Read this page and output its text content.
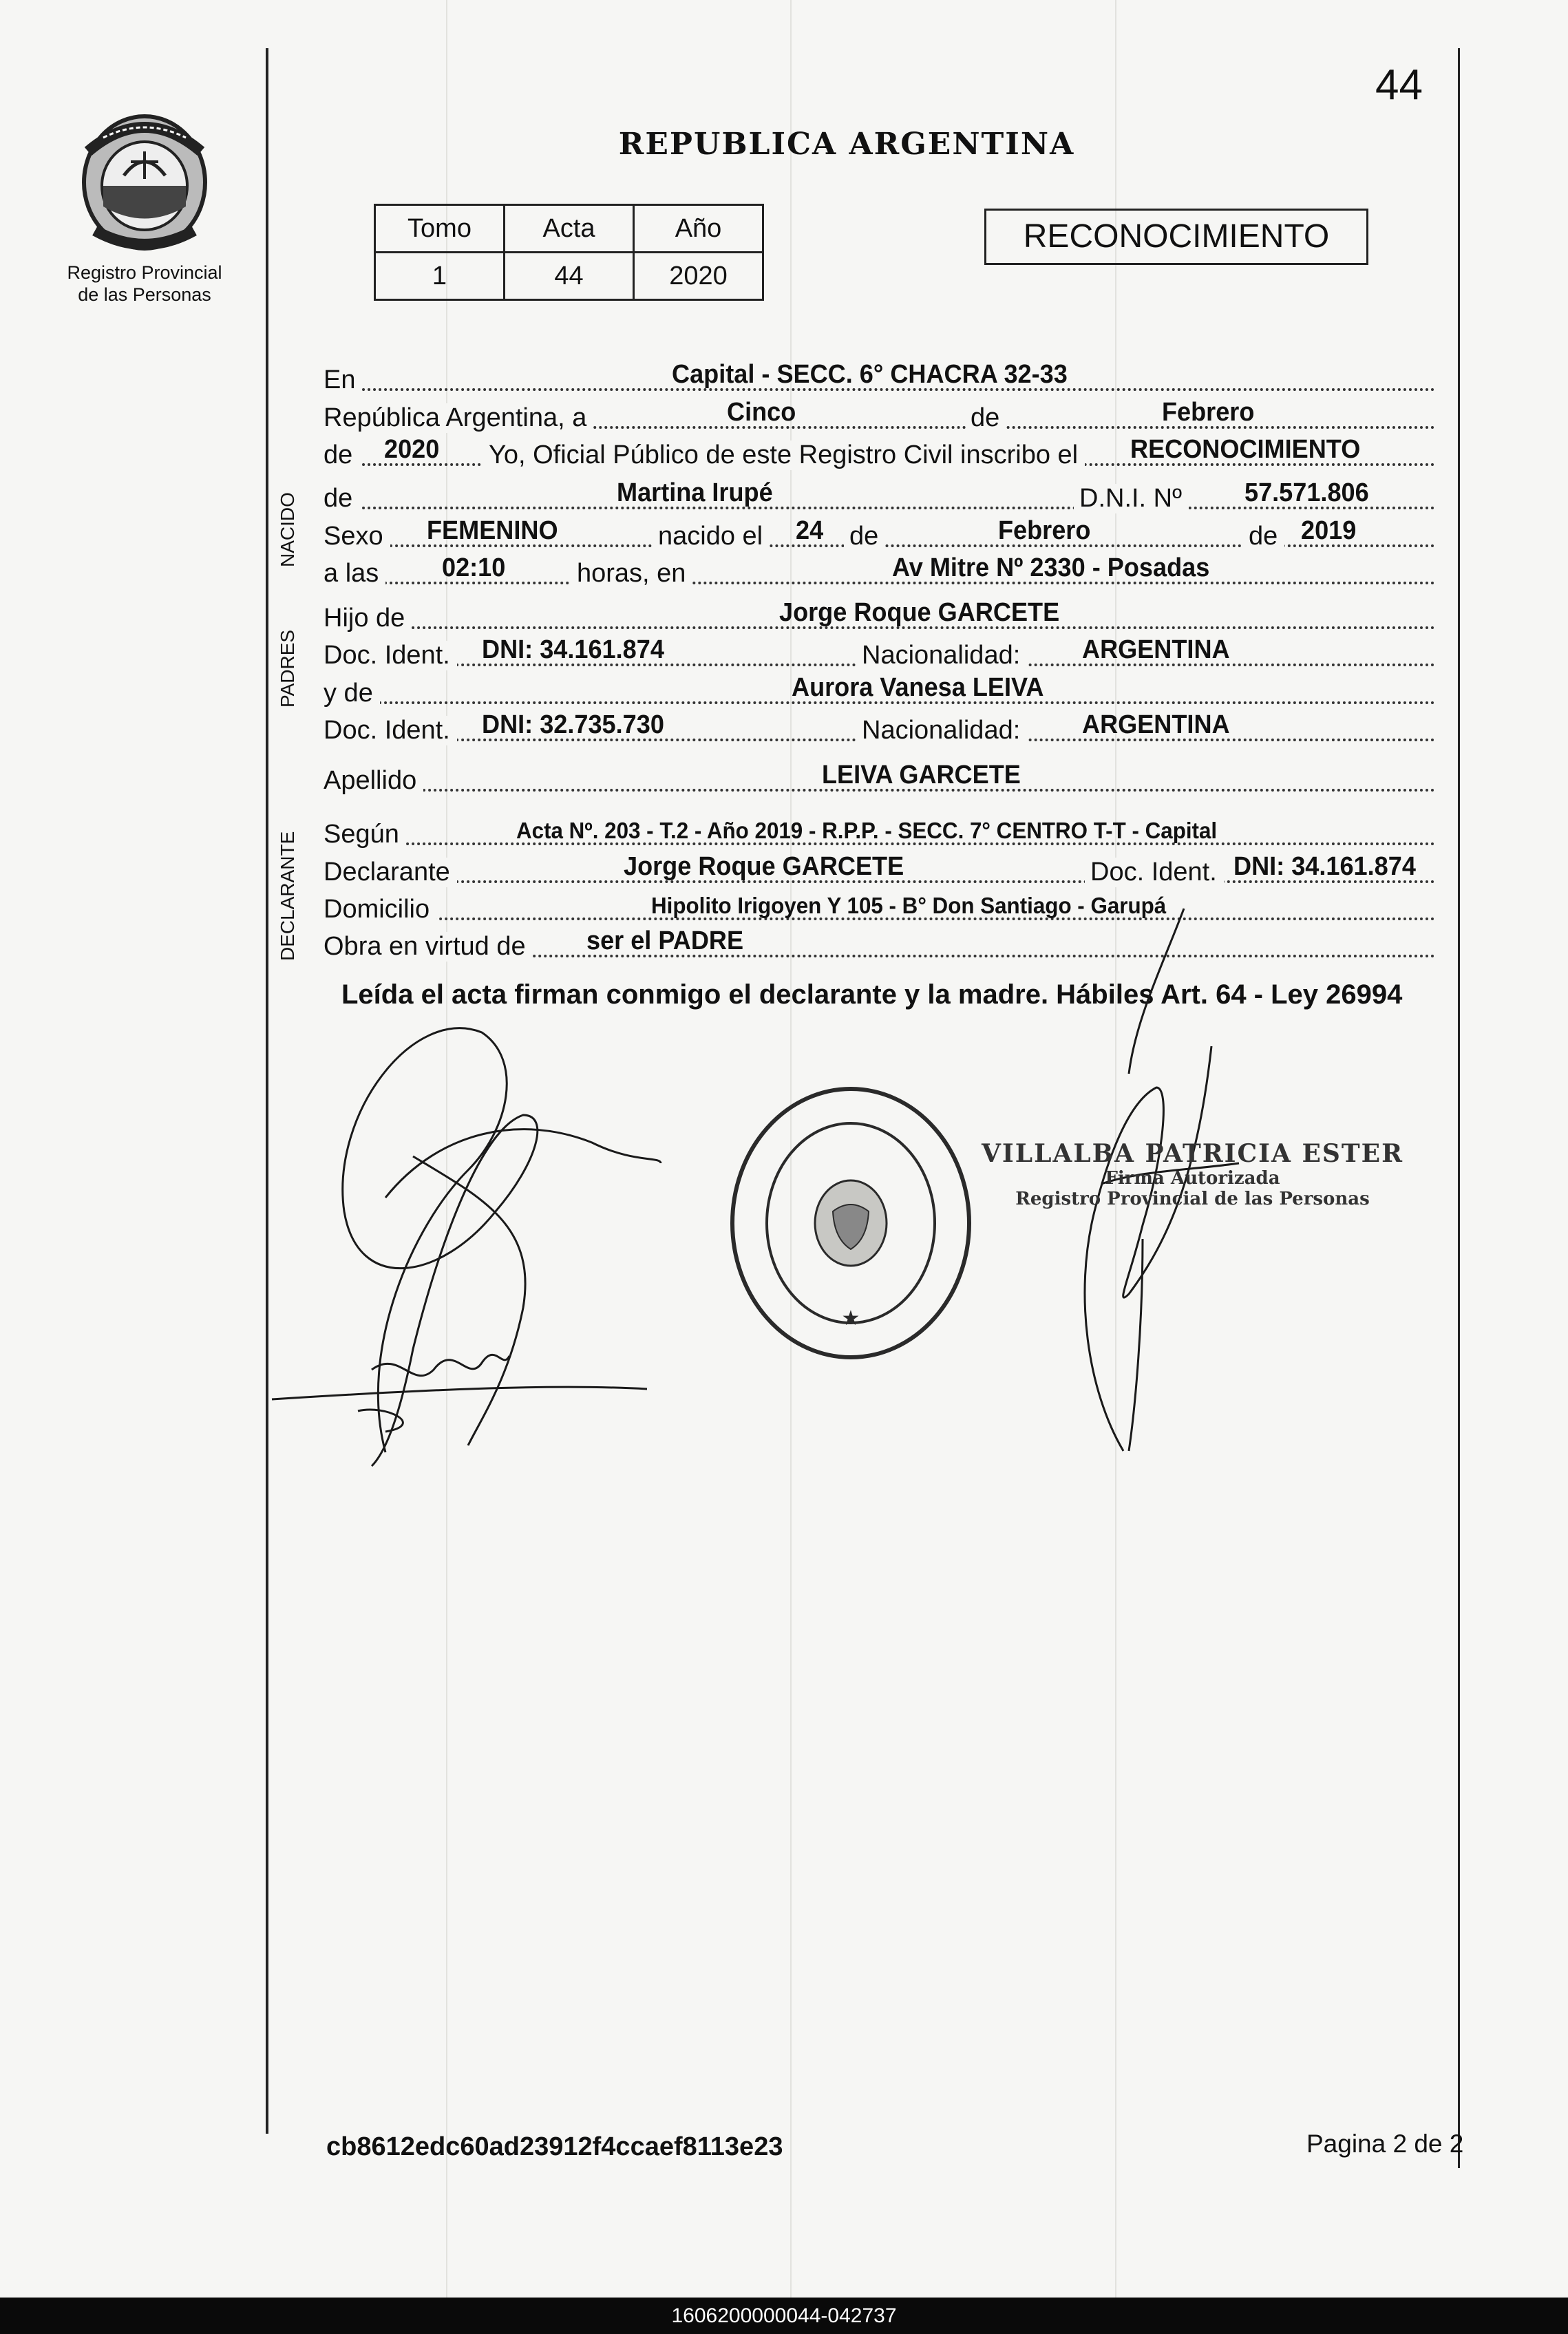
44
Registro Provincial
de las Personas
REPUBLICA ARGENTINA
Tomo	Acta	Año
1	44	2020
RECONOCIMIENTO
En	Capital - SECC. 6° CHACRA 32-33
República Argentina, a	Cinco	de	Febrero
de 2020 Yo, Oficial Público de este Registro Civil inscribo el RECONOCIMIENTO
NACIDO de	Martina Irupé	D.N.I. Nº 57.571.806
Sexo FEMENINO	nacido el 24 de	Febrero	de 2019
a las 02:10	horas, en	Av Mitre Nº 2330 - Posadas
PADRES
Hijo de	Jorge Roque GARCETE
Doc. Ident. DNI: 34.161.874	Nacionalidad: ARGENTINA
y de	Aurora Vanesa LEIVA
Doc. Ident. DNI: 32.735.730	Nacionalidad: ARGENTINA
Apellido	LEIVA GARCETE
DECLARANTE Según	Acta Nº. 203 - T.2 - Año 2019 - R.P.P. - SECC. 7° CENTRO T-T - Capital
Declarante	Jorge Roque GARCETE	Doc. Ident. DNI: 34.161.874
Domicilio	Hipolito Irigoyen Y 105 - B° Don Santiago - Garupá
Obra en virtud de ser el PADRE
Leída el acta firman conmigo el declarante y la madre. Hábiles Art. 64 - Ley 26994
★
VILLALBA PATRICIA ESTER
Firma Autorizada
Registro Provincial de las Personas
cb8612edc60ad23912f4ccaef8113e23	Pagina 2 de 2
1606200000044-042737
